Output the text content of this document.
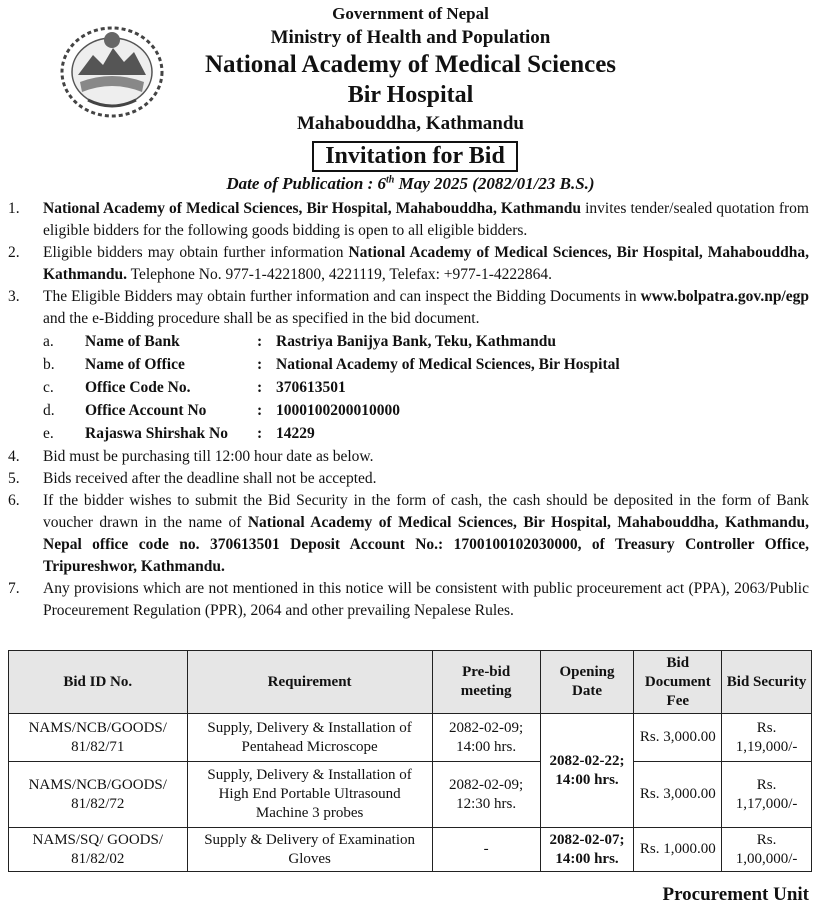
Government of Nepal
Ministry of Health and Population
National Academy of Medical Sciences
Bir Hospital
Mahabouddha, Kathmandu
Invitation for Bid
Date of Publication : 6th May 2025 (2082/01/23 B.S.)
1. National Academy of Medical Sciences, Bir Hospital, Mahabouddha, Kathmandu invites tender/sealed quotation from eligible bidders for the following goods bidding is open to all eligible bidders.
2. Eligible bidders may obtain further information National Academy of Medical Sciences, Bir Hospital, Mahabouddha, Kathmandu. Telephone No. 977-1-4221800, 4221119, Telefax: +977-1-4222864.
3. The Eligible Bidders may obtain further information and can inspect the Bidding Documents in www.bolpatra.gov.np/egp and the e-Bidding procedure shall be as specified in the bid document.
a. Name of Bank	: Rastriya Banijya Bank, Teku, Kathmandu
b. Name of Office	: National Academy of Medical Sciences, Bir Hospital
c. Office Code No.	: 370613501
d. Office Account No	: 1000100200010000
e. Rajaswa Shirshak No : 14229
4. Bid must be purchasing till 12:00 hour date as below.
5. Bids received after the deadline shall not be accepted.
6. If the bidder wishes to submit the Bid Security in the form of cash, the cash should be deposited in the form of Bank voucher drawn in the name of National Academy of Medical Sciences, Bir Hospital, Mahabouddha, Kathmandu, Nepal office code no. 370613501 Deposit Account No.: 1700100102030000, of Treasury Controller Office, Tripureshwor, Kathmandu.
7. Any provisions which are not mentioned in this notice will be consistent with public proceurement act (PPA), 2063/Public Proceurement Regulation (PPR), 2064 and other prevailing Nepalese Rules.
Bid ID No.	Requirement	Pre-bid meeting	Opening Date	Bid Document Fee	Bid Security
NAMS/NCB/GOODS/ 81/82/71	Supply, Delivery & Installation of Pentahead Microscope	2082-02-09; 14:00 hrs.	2082-02-22; 14:00 hrs.	Rs. 3,000.00	Rs. 1,19,000/-
NAMS/NCB/GOODS/ 81/82/72	Supply, Delivery & Installation of High End Portable Ultrasound Machine 3 probes	2082-02-09; 12:30 hrs.		Rs. 3,000.00	Rs. 1,17,000/-
NAMS/SQ/ GOODS/ 81/82/02	Supply & Delivery of Examination Gloves	-	2082-02-07; 14:00 hrs.	Rs. 1,000.00	Rs. 1,00,000/-
Procurement Unit
